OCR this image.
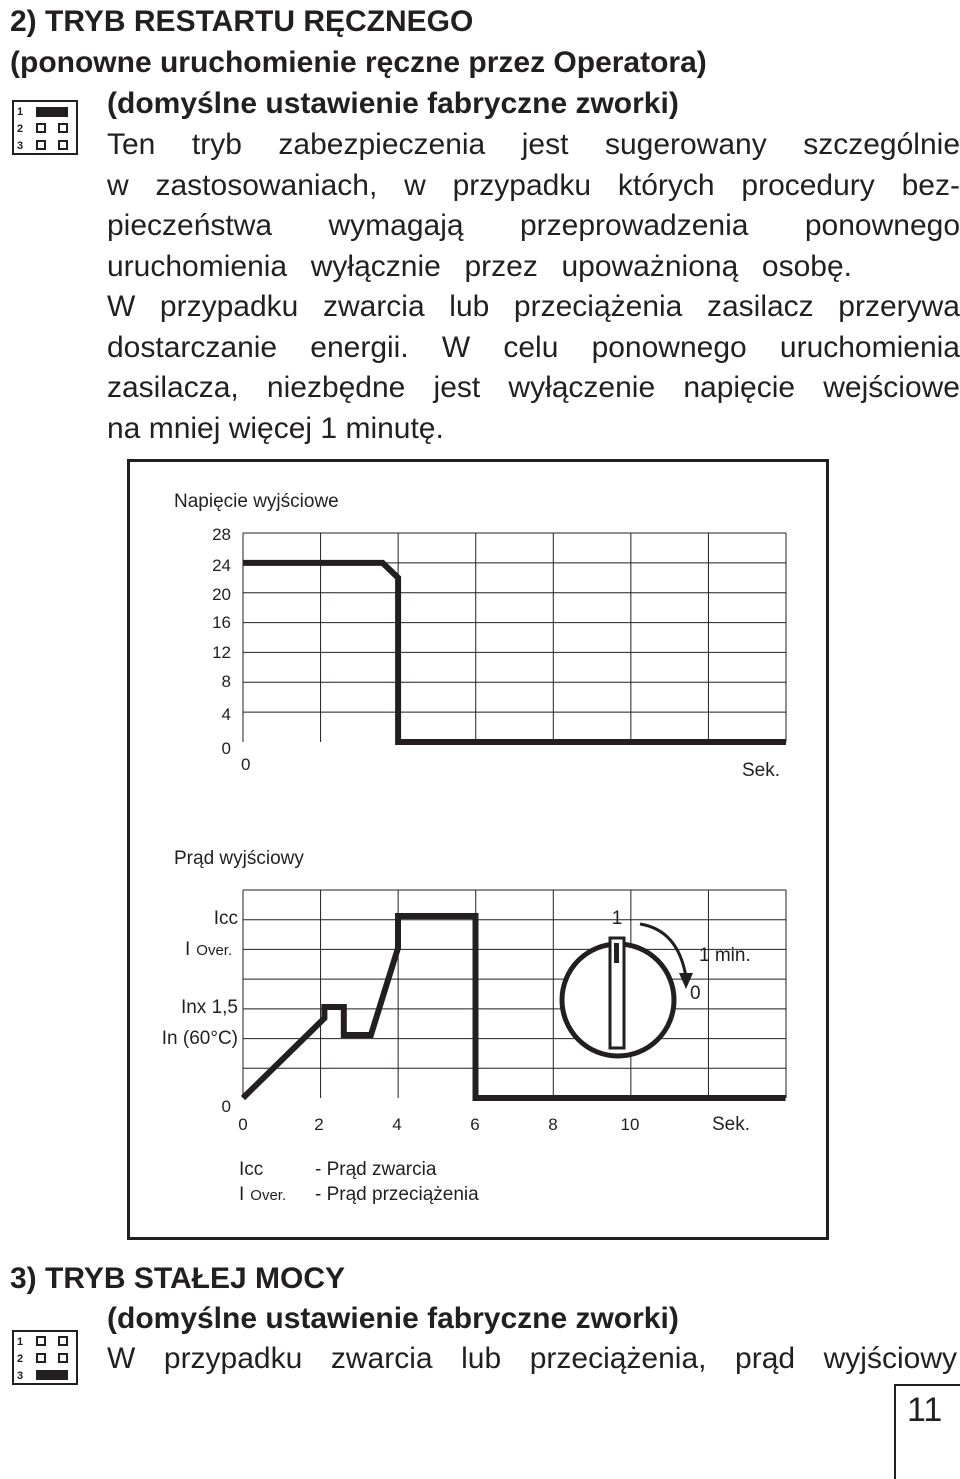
2) TRYB RESTARTU RĘCZNEGO
(ponowne uruchomienie ręczne przez Operatora)
(domyślne ustawienie fabryczne zworki)
1
2
3	Ten tryb zabezpieczenia jest sugerowany szczególnie
w zastosowaniach, w przypadku których procedury bez-
pieczeństwa wymagają przeprowadzenia ponownego
uruchomienia wyłącznie przez upoważnioną osobę.
W przypadku zwarcia lub przeciążenia zasilacz przerywa
dostarczanie energii. W celu ponownego uruchomienia
zasilacza, niezbędne jest wyłączenie napięcie wejściowe
na mniej więcej 1 minutę.
Napięcie wyjściowe
28
24
20
16
12
8
4
0
0	Sek.
Prąd wyjściowy
Icc
I Over.
Inx 1,5
In (60°C)
0
0	2	4	6	8	10	Sek.
1
0
1 min.
Icc	- Prąd zwarcia
I Over. - Prąd przeciążenia
3) TRYB STAŁEJ MOCY
(domyślne ustawienie fabryczne zworki)
1
2
3
W przypadku zwarcia lub przeciążenia, prąd wyjściowy
11
